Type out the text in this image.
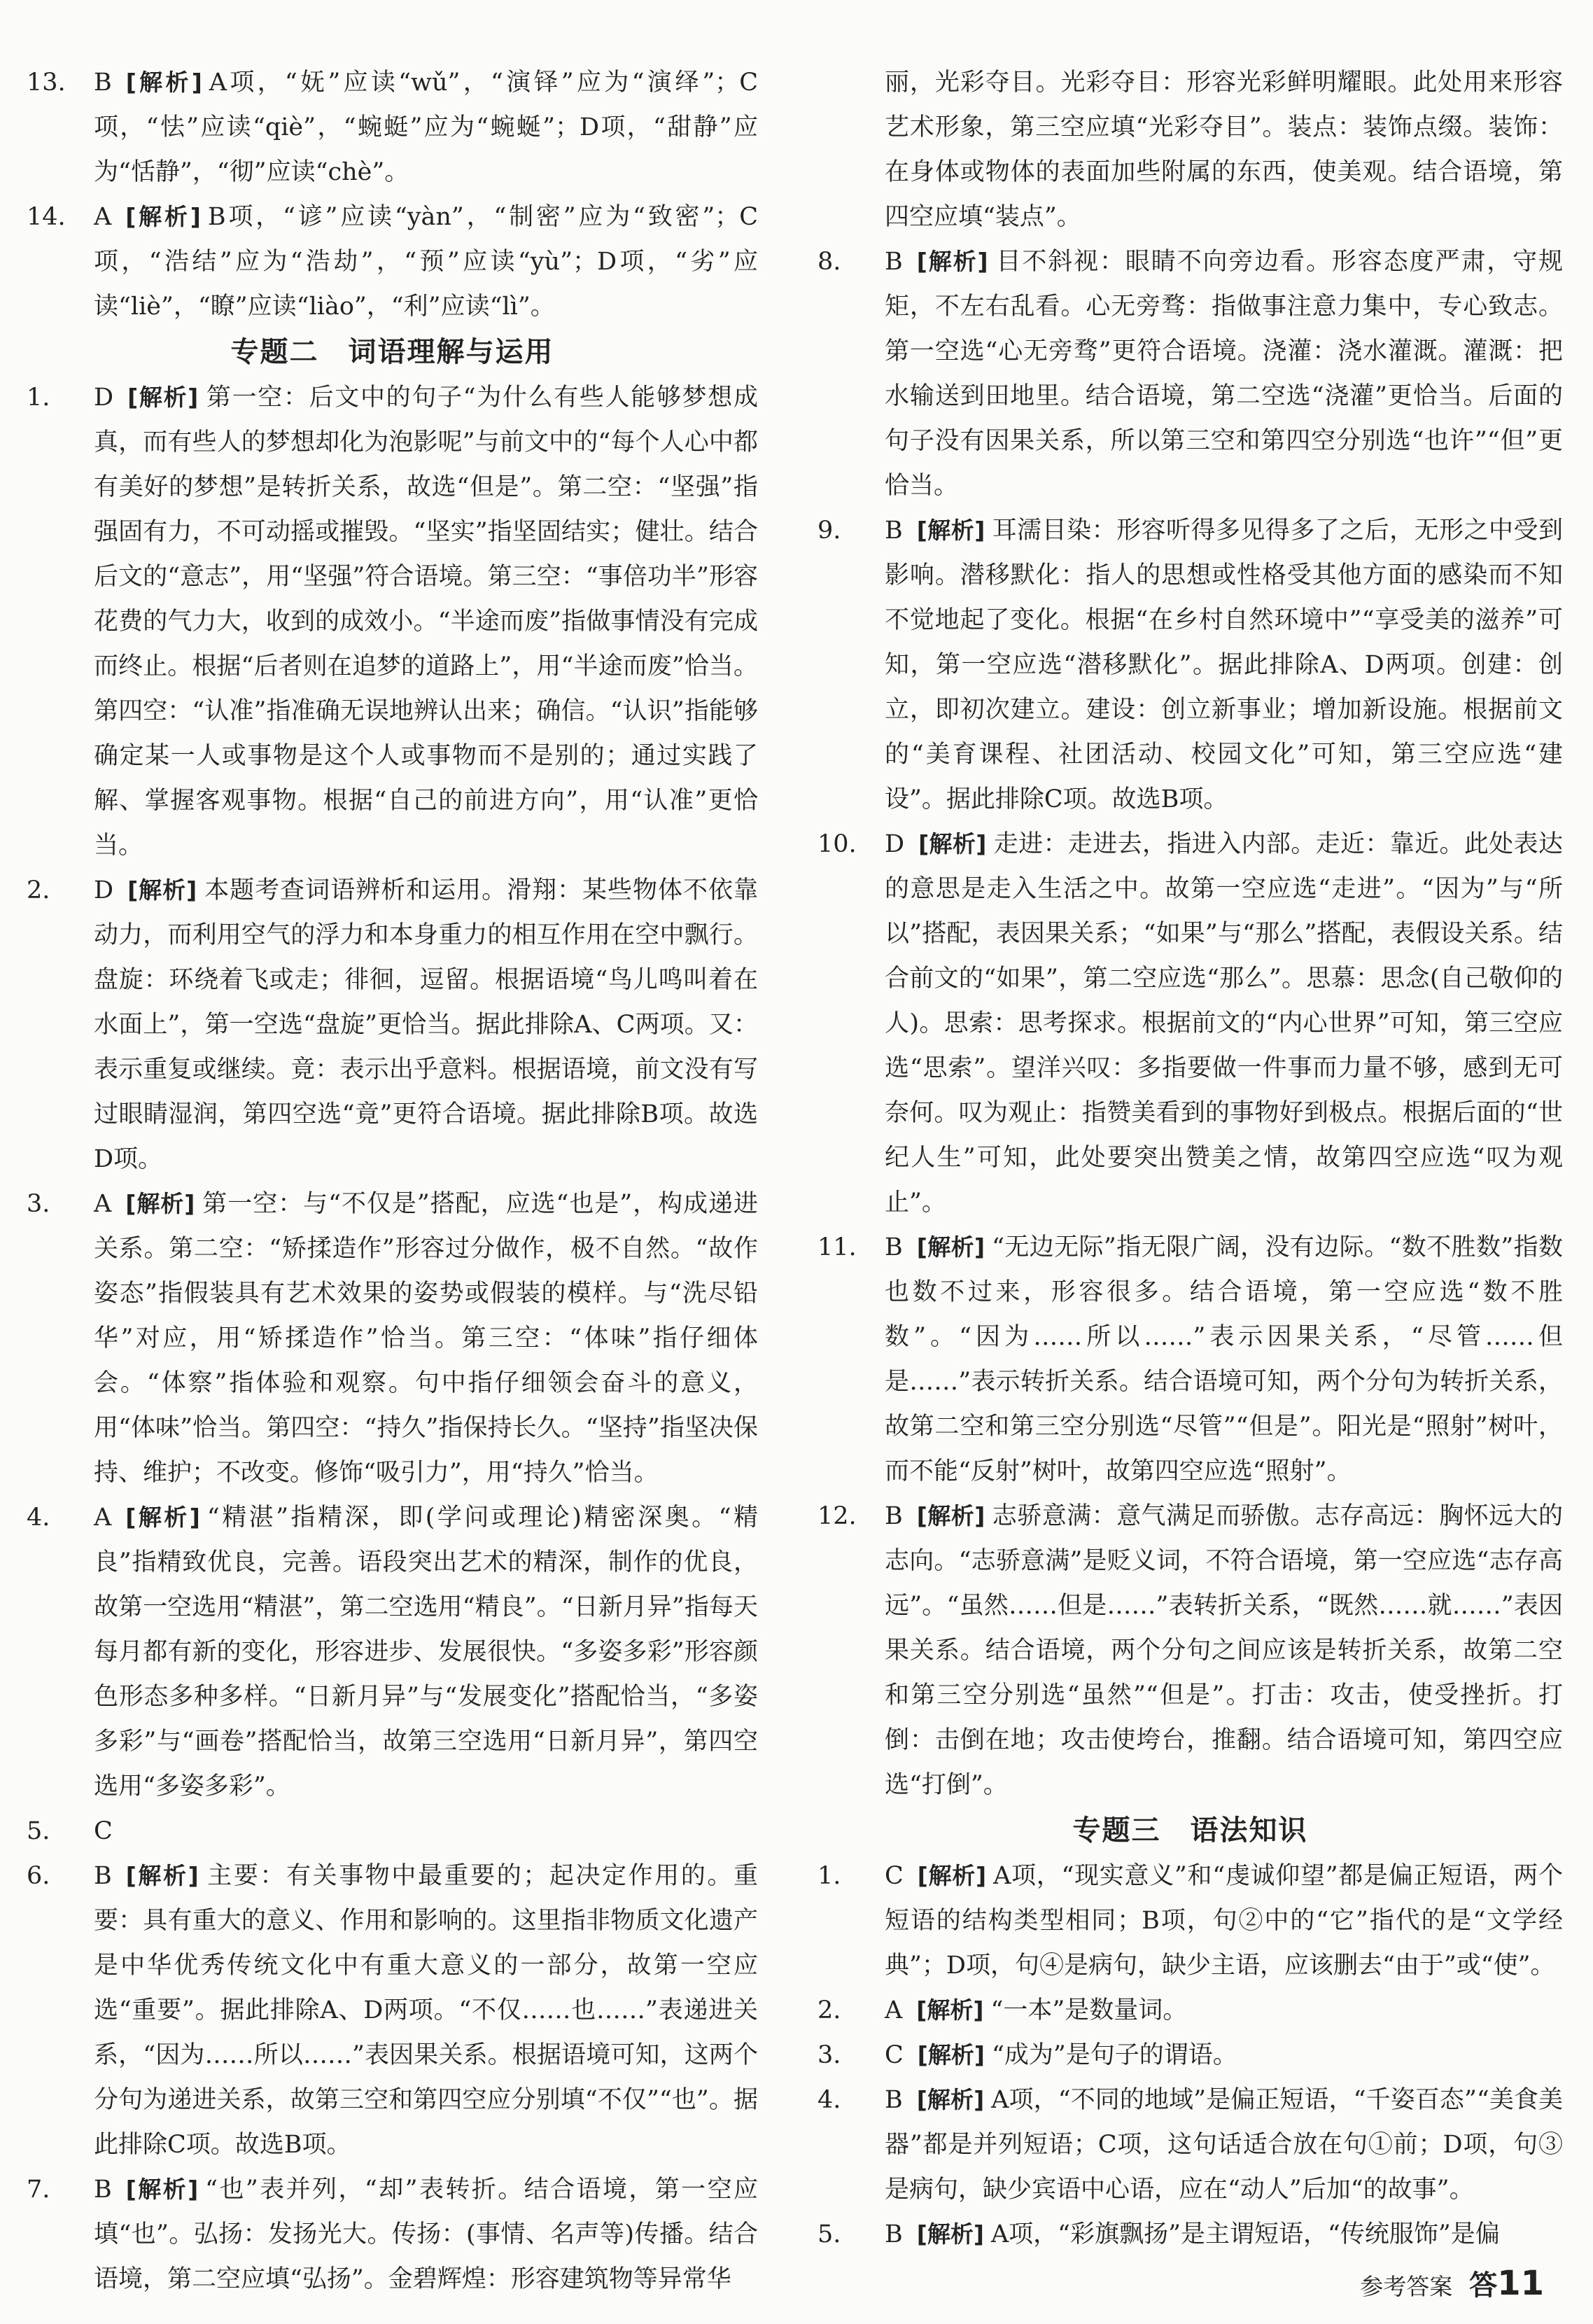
13. B [解析] A项，“妩”应读“wǔ”，“演铎”应为“演绎”；C项，“怯”应读“qiè”，“蜿蜓”应为“蜿蜒”；D项，“甜静”应为“恬静”，“彻”应读“chè”。

14. A [解析] B项，“谚”应读“yàn”，“制密”应为“致密”；C项，“浩结”应为“浩劫”，“预”应读“yù”；D项，“劣”应读“liè”，“瞭”应读“liào”，“利”应读“lì”。

专题二　词语理解与运用

1. D [解析] 第一空：后文中的句子“为什么有些人能够梦想成真，而有些人的梦想却化为泡影呢”与前文中的“每个人心中都有美好的梦想”是转折关系，故选“但是”。第二空：“坚强”指强固有力，不可动摇或摧毁。“坚实”指坚固结实；健壮。结合后文的“意志”，用“坚强”符合语境。第三空：“事倍功半”形容花费的气力大，收到的成效小。“半途而废”指做事情没有完成而终止。根据“后者则在追梦的道路上”，用“半途而废”恰当。第四空：“认准”指准确无误地辨认出来；确信。“认识”指能够确定某一人或事物是这个人或事物而不是别的；通过实践了解、掌握客观事物。根据“自己的前进方向”，用“认准”更恰当。

2. D [解析] 本题考查词语辨析和运用。滑翔：某些物体不依靠动力，而利用空气的浮力和本身重力的相互作用在空中飘行。盘旋：环绕着飞或走；徘徊，逗留。根据语境“鸟儿鸣叫着在水面上”，第一空选“盘旋”更恰当。据此排除A、C两项。又：表示重复或继续。竟：表示出乎意料。根据语境，前文没有写过眼睛湿润，第四空选“竟”更符合语境。据此排除B项。故选D项。

3. A [解析] 第一空：与“不仅是”搭配，应选“也是”，构成递进关系。第二空：“矫揉造作”形容过分做作，极不自然。“故作姿态”指假装具有艺术效果的姿势或假装的模样。与“洗尽铅华”对应，用“矫揉造作”恰当。第三空：“体味”指仔细体会。“体察”指体验和观察。句中指仔细领会奋斗的意义，用“体味”恰当。第四空：“持久”指保持长久。“坚持”指坚决保持、维护；不改变。修饰“吸引力”，用“持久”恰当。

4. A [解析] “精湛”指精深，即(学问或理论)精密深奥。“精良”指精致优良，完善。语段突出艺术的精深，制作的优良，故第一空选用“精湛”，第二空选用“精良”。“日新月异”指每天每月都有新的变化，形容进步、发展很快。“多姿多彩”形容颜色形态多种多样。“日新月异”与“发展变化”搭配恰当，“多姿多彩”与“画卷”搭配恰当，故第三空选用“日新月异”，第四空选用“多姿多彩”。

5. C

6. B [解析] 主要：有关事物中最重要的；起决定作用的。重要：具有重大的意义、作用和影响的。这里指非物质文化遗产是中华优秀传统文化中有重大意义的一部分，故第一空应选“重要”。据此排除A、D两项。“不仅……也……”表递进关系，“因为……所以……”表因果关系。根据语境可知，这两个分句为递进关系，故第三空和第四空应分别填“不仅”“也”。据此排除C项。故选B项。

7. B [解析] “也”表并列，“却”表转折。结合语境，第一空应填“也”。弘扬：发扬光大。传扬：(事情、名声等)传播。结合语境，第二空应填“弘扬”。金碧辉煌：形容建筑物等异常华

丽，光彩夺目。光彩夺目：形容光彩鲜明耀眼。此处用来形容艺术形象，第三空应填“光彩夺目”。装点：装饰点缀。装饰：在身体或物体的表面加些附属的东西，使美观。结合语境，第四空应填“装点”。

8. B [解析] 目不斜视：眼睛不向旁边看。形容态度严肃，守规矩，不左右乱看。心无旁骛：指做事注意力集中，专心致志。第一空选“心无旁骛”更符合语境。浇灌：浇水灌溉。灌溉：把水输送到田地里。结合语境，第二空选“浇灌”更恰当。后面的句子没有因果关系，所以第三空和第四空分别选“也许”“但”更恰当。

9. B [解析] 耳濡目染：形容听得多见得多了之后，无形之中受到影响。潜移默化：指人的思想或性格受其他方面的感染而不知不觉地起了变化。根据“在乡村自然环境中”“享受美的滋养”可知，第一空应选“潜移默化”。据此排除A、D两项。创建：创立，即初次建立。建设：创立新事业；增加新设施。根据前文的“美育课程、社团活动、校园文化”可知，第三空应选“建设”。据此排除C项。故选B项。

10. D [解析] 走进：走进去，指进入内部。走近：靠近。此处表达的意思是走入生活之中。故第一空应选“走进”。“因为”与“所以”搭配，表因果关系；“如果”与“那么”搭配，表假设关系。结合前文的“如果”，第二空应选“那么”。思慕：思念(自己敬仰的人)。思索：思考探求。根据前文的“内心世界”可知，第三空应选“思索”。望洋兴叹：多指要做一件事而力量不够，感到无可奈何。叹为观止：指赞美看到的事物好到极点。根据后面的“世纪人生”可知，此处要突出赞美之情，故第四空应选“叹为观止”。

11. B [解析] “无边无际”指无限广阔，没有边际。“数不胜数”指数也数不过来，形容很多。结合语境，第一空应选“数不胜数”。“因为……所以……”表示因果关系，“尽管……但是……”表示转折关系。结合语境可知，两个分句为转折关系，故第二空和第三空分别选“尽管”“但是”。阳光是“照射”树叶，而不能“反射”树叶，故第四空应选“照射”。

12. B [解析] 志骄意满：意气满足而骄傲。志存高远：胸怀远大的志向。“志骄意满”是贬义词，不符合语境，第一空应选“志存高远”。“虽然……但是……”表转折关系，“既然……就……”表因果关系。结合语境，两个分句之间应该是转折关系，故第二空和第三空分别选“虽然”“但是”。打击：攻击，使受挫折。打倒：击倒在地；攻击使垮台，推翻。结合语境可知，第四空应选“打倒”。

专题三　语法知识

1. C [解析] A项，“现实意义”和“虔诚仰望”都是偏正短语，两个短语的结构类型相同；B项，句②中的“它”指代的是“文学经典”；D项，句④是病句，缺少主语，应该删去“由于”或“使”。

2. A [解析] “一本”是数量词。

3. C [解析] “成为”是句子的谓语。

4. B [解析] A项，“不同的地域”是偏正短语，“千姿百态”“美食美器”都是并列短语；C项，这句话适合放在句①前；D项，句③是病句，缺少宾语中心语，应在“动人”后加“的故事”。

5. B [解析] A项，“彩旗飘扬”是主谓短语，“传统服饰”是偏

参考答案 答11
